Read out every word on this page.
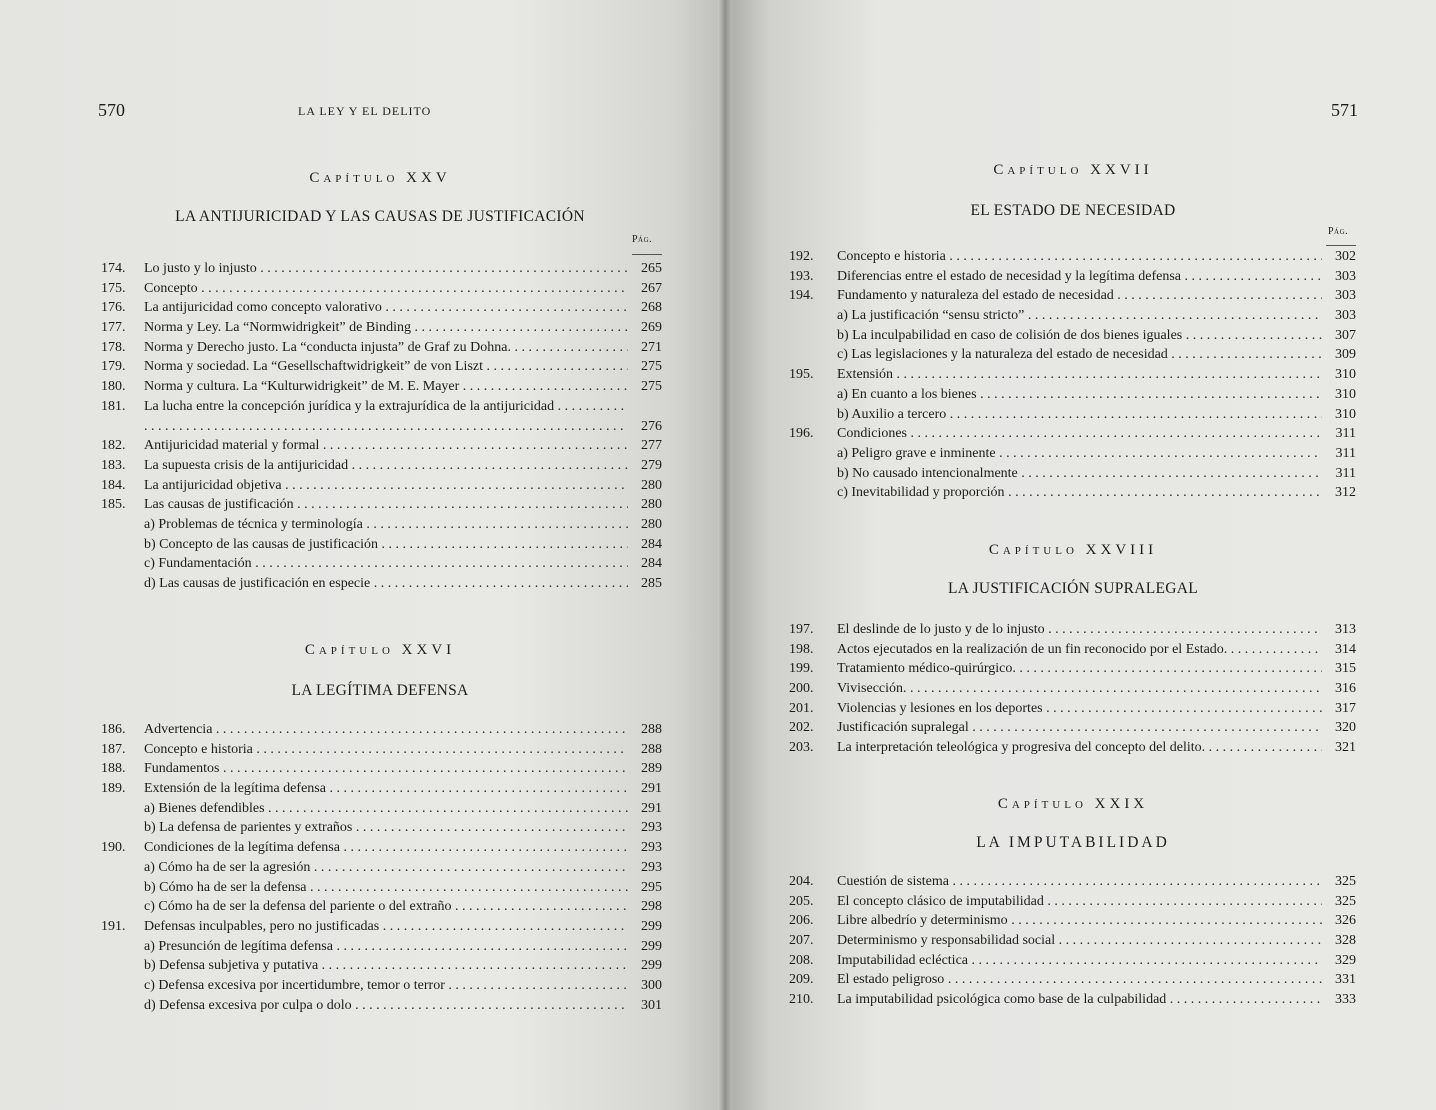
570	LA LEY Y EL DELITO
Capítulo XXV
LA ANTIJURICIDAD Y LAS CAUSAS DE JUSTIFICACIÓN
Pág.
174. Lo justo y lo injusto . . .	265
175. Concepto . . .	267
176. La antijuricidad como concepto valorativo . . .	268
177. Norma y Ley. La “Normwidrigkeit” de Binding . . .	269
178. Norma y Derecho justo. La “conducta injusta” de Graf zu Dohna. . . .	271
179. Norma y sociedad. La “Gesellschaftwidrigkeit” de von Liszt . . .	275
180. Norma y cultura. La “Kulturwidrigkeit” de M. E. Mayer . . .	275
181. La lucha entre la concepción jurídica y la extrajurídica de la antijuricidad . . .
276
182. Antijuricidad material y formal . . .	277
183. La supuesta crisis de la antijuricidad . . .	279
184. La antijuricidad objetiva . . .	280
185. Las causas de justificación . . .	280
a) Problemas de técnica y terminología . . .	280
b) Concepto de las causas de justificación . . .	284
c) Fundamentación . . .	284
d) Las causas de justificación en especie . . .	285
Capítulo XXVI
LA LEGÍTIMA DEFENSA
186. Advertencia . . .	288
187. Concepto e historia . . .	288
188. Fundamentos . . .	289
189. Extensión de la legítima defensa . . .	291
a) Bienes defendibles . . .	291
b) La defensa de parientes y extraños . . .	293
190. Condiciones de la legítima defensa . . .	293
a) Cómo ha de ser la agresión . . .	293
b) Cómo ha de ser la defensa . . .	295
c) Cómo ha de ser la defensa del pariente o del extraño . . .	298
191. Defensas inculpables, pero no justificadas . . .	299
a) Presunción de legítima defensa . . .	299
b) Defensa subjetiva y putativa . . .	299
c) Defensa excesiva por incertidumbre, temor o terror . . .	300
d) Defensa excesiva por culpa o dolo . . .	301
571
Capítulo XXVII
EL ESTADO DE NECESIDAD
Pág.
192. Concepto e historia . . .	302
193. Diferencias entre el estado de necesidad y la legítima defensa . . .	303
194. Fundamento y naturaleza del estado de necesidad . . .	303
a) La justificación “sensu stricto” . . .	303
b) La inculpabilidad en caso de colisión de dos bienes iguales . . .	307
c) Las legislaciones y la naturaleza del estado de necesidad . . .	309
195. Extensión . . .	310
a) En cuanto a los bienes . . .	310
b) Auxilio a tercero . . .	310
196. Condiciones . . .	311
a) Peligro grave e inminente . . .	311
b) No causado intencionalmente . . .	311
c) Inevitabilidad y proporción . . .	312
Capítulo XXVIII
LA JUSTIFICACIÓN SUPRALEGAL
197. El deslinde de lo justo y de lo injusto . . .	313
198. Actos ejecutados en la realización de un fin reconocido por el Estado. . . .	314
199. Tratamiento médico-quirúrgico. . . .	315
200. Vivisección. . . .	316
201. Violencias y lesiones en los deportes . . .	317
202. Justificación supralegal . . .	320
203. La interpretación teleológica y progresiva del concepto del delito. . . .	321
Capítulo XXIX
LA IMPUTABILIDAD
204. Cuestión de sistema . . .	325
205. El concepto clásico de imputabilidad . . .	325
206. Libre albedrío y determinismo . . .	326
207. Determinismo y responsabilidad social . . .	328
208. Imputabilidad ecléctica . . .	329
209. El estado peligroso . . .	331
210. La imputabilidad psicológica como base de la culpabilidad . . .	333
